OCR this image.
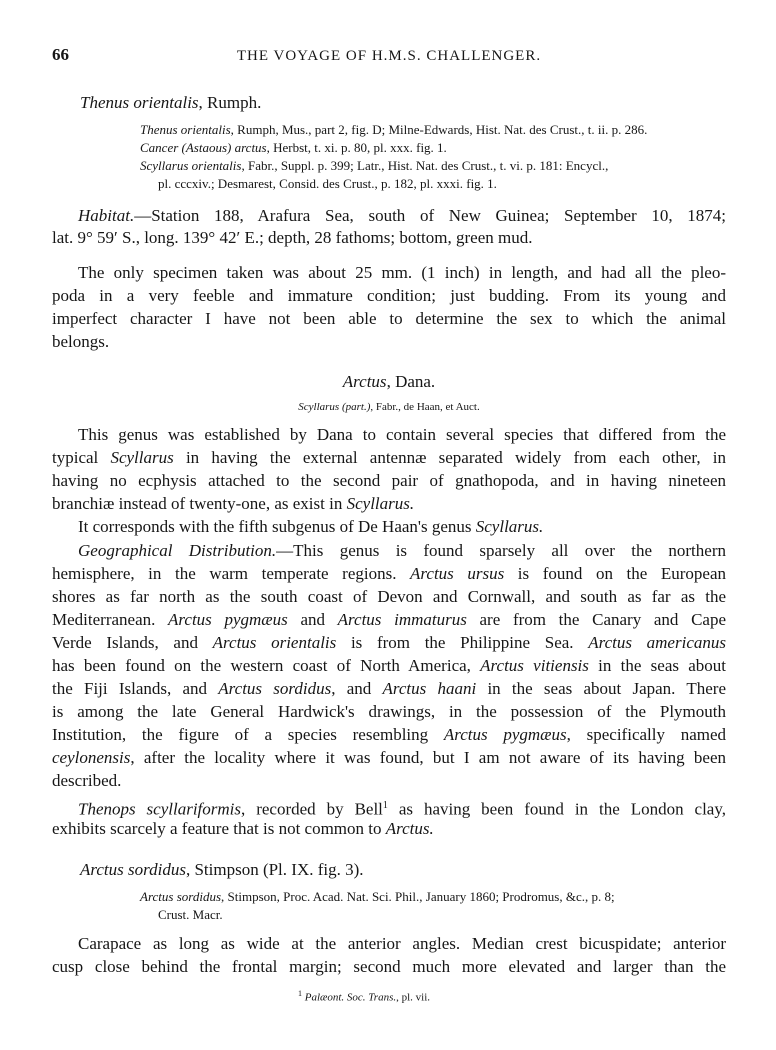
66	THE VOYAGE OF H.M.S. CHALLENGER.
Thenus orientalis, Rumph.
Thenus orientalis, Rumph, Mus., part 2, fig. D; Milne-Edwards, Hist. Nat. des Crust., t. ii. p. 286.
Cancer (Astaous) arctus, Herbst, t. xi. p. 80, pl. xxx. fig. 1.
Scyllarus orientalis, Fabr., Suppl. p. 399; Latr., Hist. Nat. des Crust., t. vi. p. 181: Encycl.,
pl. cccxiv.; Desmarest, Consid. des Crust., p. 182, pl. xxxi. fig. 1.
Habitat.—Station 188, Arafura Sea, south of New Guinea; September 10, 1874;
lat. 9° 59′ S., long. 139° 42′ E.; depth, 28 fathoms; bottom, green mud.
The only specimen taken was about 25 mm. (1 inch) in length, and had all the pleo-
poda in a very feeble and immature condition; just budding. From its young and
imperfect character I have not been able to determine the sex to which the animal
belongs.
Arctus, Dana.
Scyllarus (part.), Fabr., de Haan, et Auct.
This genus was established by Dana to contain several species that differed from the
typical Scyllarus in having the external antennæ separated widely from each other, in
having no ecphysis attached to the second pair of gnathopoda, and in having nineteen
branchiæ instead of twenty-one, as exist in Scyllarus.
It corresponds with the fifth subgenus of De Haan's genus Scyllarus.
Geographical Distribution.—This genus is found sparsely all over the northern
hemisphere, in the warm temperate regions. Arctus ursus is found on the European
shores as far north as the south coast of Devon and Cornwall, and south as far as the
Mediterranean. Arctus pygmæus and Arctus immaturus are from the Canary and Cape
Verde Islands, and Arctus orientalis is from the Philippine Sea. Arctus americanus
has been found on the western coast of North America, Arctus vitiensis in the seas about
the Fiji Islands, and Arctus sordidus, and Arctus haani in the seas about Japan. There
is among the late General Hardwick's drawings, in the possession of the Plymouth
Institution, the figure of a species resembling Arctus pygmæus, specifically named
ceylonensis, after the locality where it was found, but I am not aware of its having been
described.
Thenops scyllariformis, recorded by Bell$^1$ as having been found in the London clay,
exhibits scarcely a feature that is not common to Arctus.
Arctus sordidus, Stimpson (Pl. IX. fig. 3).
Arctus sordidus, Stimpson, Proc. Acad. Nat. Sci. Phil., January 1860; Prodromus, &c., p. 8;
Crust. Macr.
Carapace as long as wide at the anterior angles. Median crest bicuspidate; anterior
cusp close behind the frontal margin; second much more elevated and larger than the
$^1$ Palæont. Soc. Trans., pl. vii.
